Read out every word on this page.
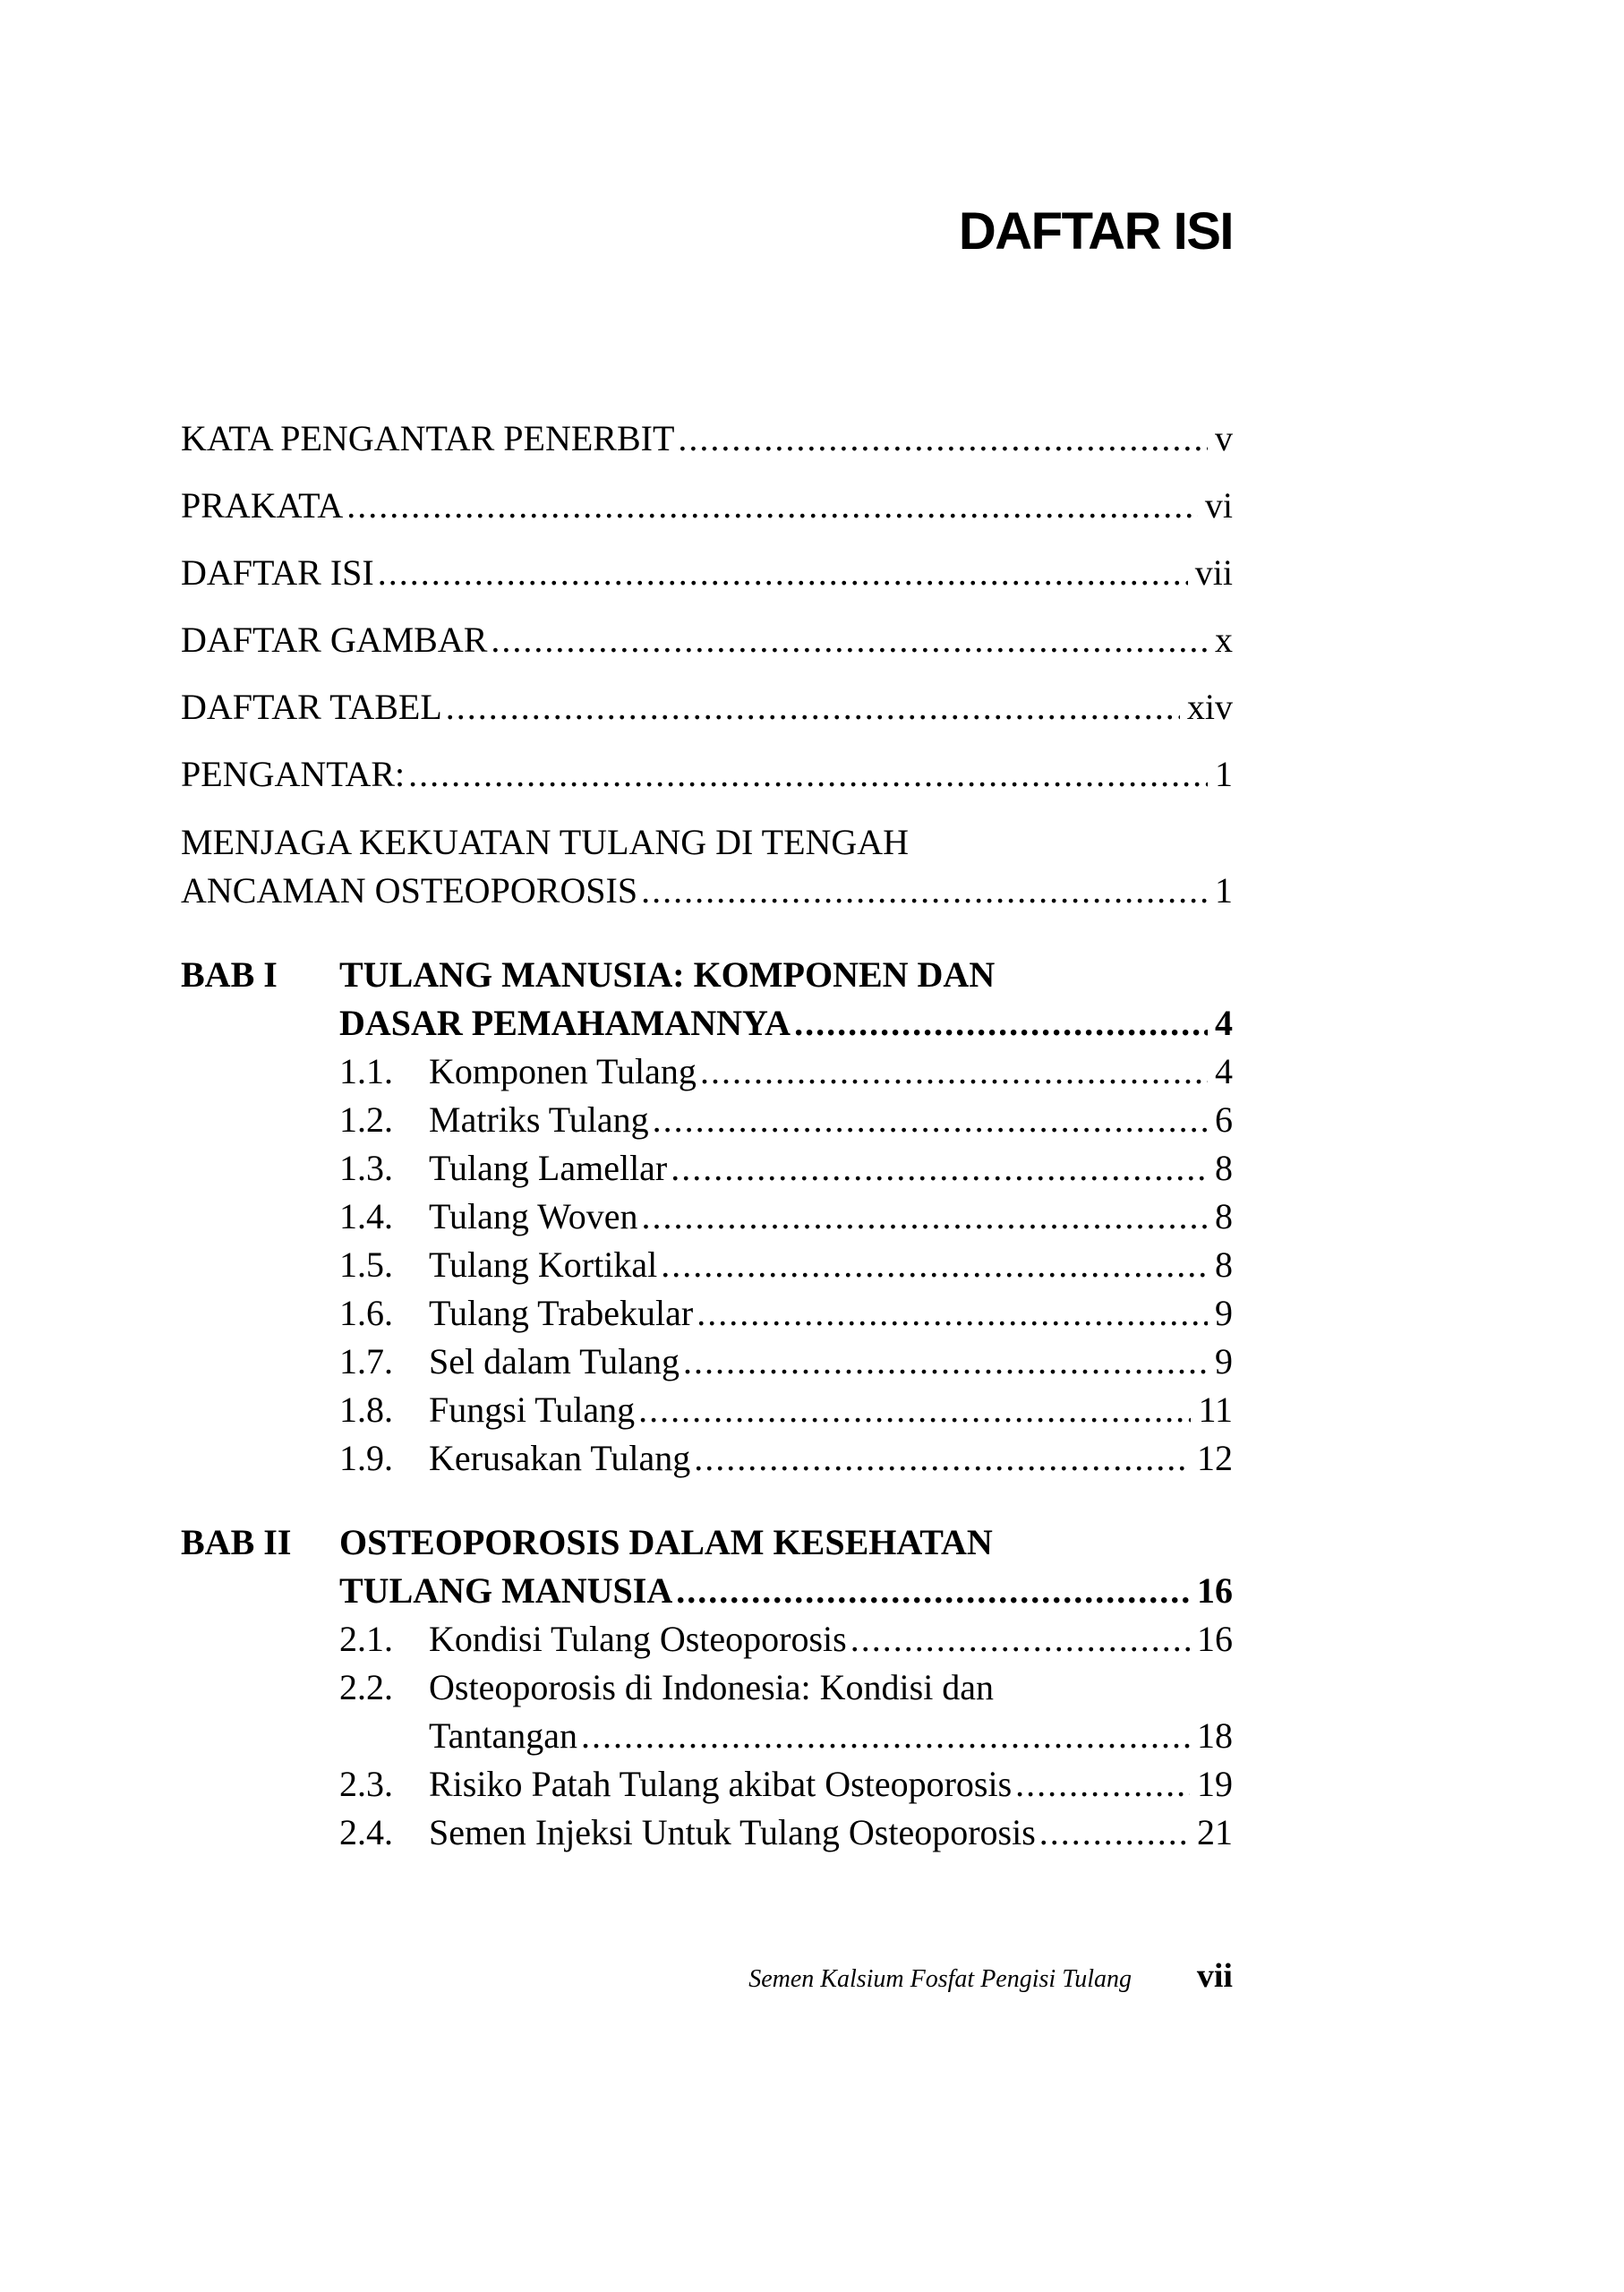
DAFTAR ISI
KATA PENGANTAR PENERBIT .....	v
PRAKATA .....	vi
DAFTAR ISI .....	vii
DAFTAR GAMBAR .....	x
DAFTAR TABEL .....	xiv
PENGANTAR: .....	1
MENJAGA KEKUATAN TULANG DI TENGAH
ANCAMAN OSTEOPOROSIS .....	1
BAB I TULANG MANUSIA: KOMPONEN DAN
DASAR PEMAHAMANNYA .....	4
1.1. Komponen Tulang .....	4
1.2. Matriks Tulang .....	6
1.3. Tulang Lamellar .....	8
1.4. Tulang Woven .....	8
1.5. Tulang Kortikal .....	8
1.6. Tulang Trabekular .....	9
1.7. Sel dalam Tulang .....	9
1.8. Fungsi Tulang .....	11
1.9. Kerusakan Tulang .....	12
BAB II OSTEOPOROSIS DALAM KESEHATAN
TULANG MANUSIA .....	16
2.1. Kondisi Tulang Osteoporosis .....	16
2.2. Osteoporosis di Indonesia: Kondisi dan
Tantangan .....	18
2.3. Risiko Patah Tulang akibat Osteoporosis .....	19
2.4. Semen Injeksi Untuk Tulang Osteoporosis .....	21
Semen Kalsium Fosfat Pengisi Tulang vii
